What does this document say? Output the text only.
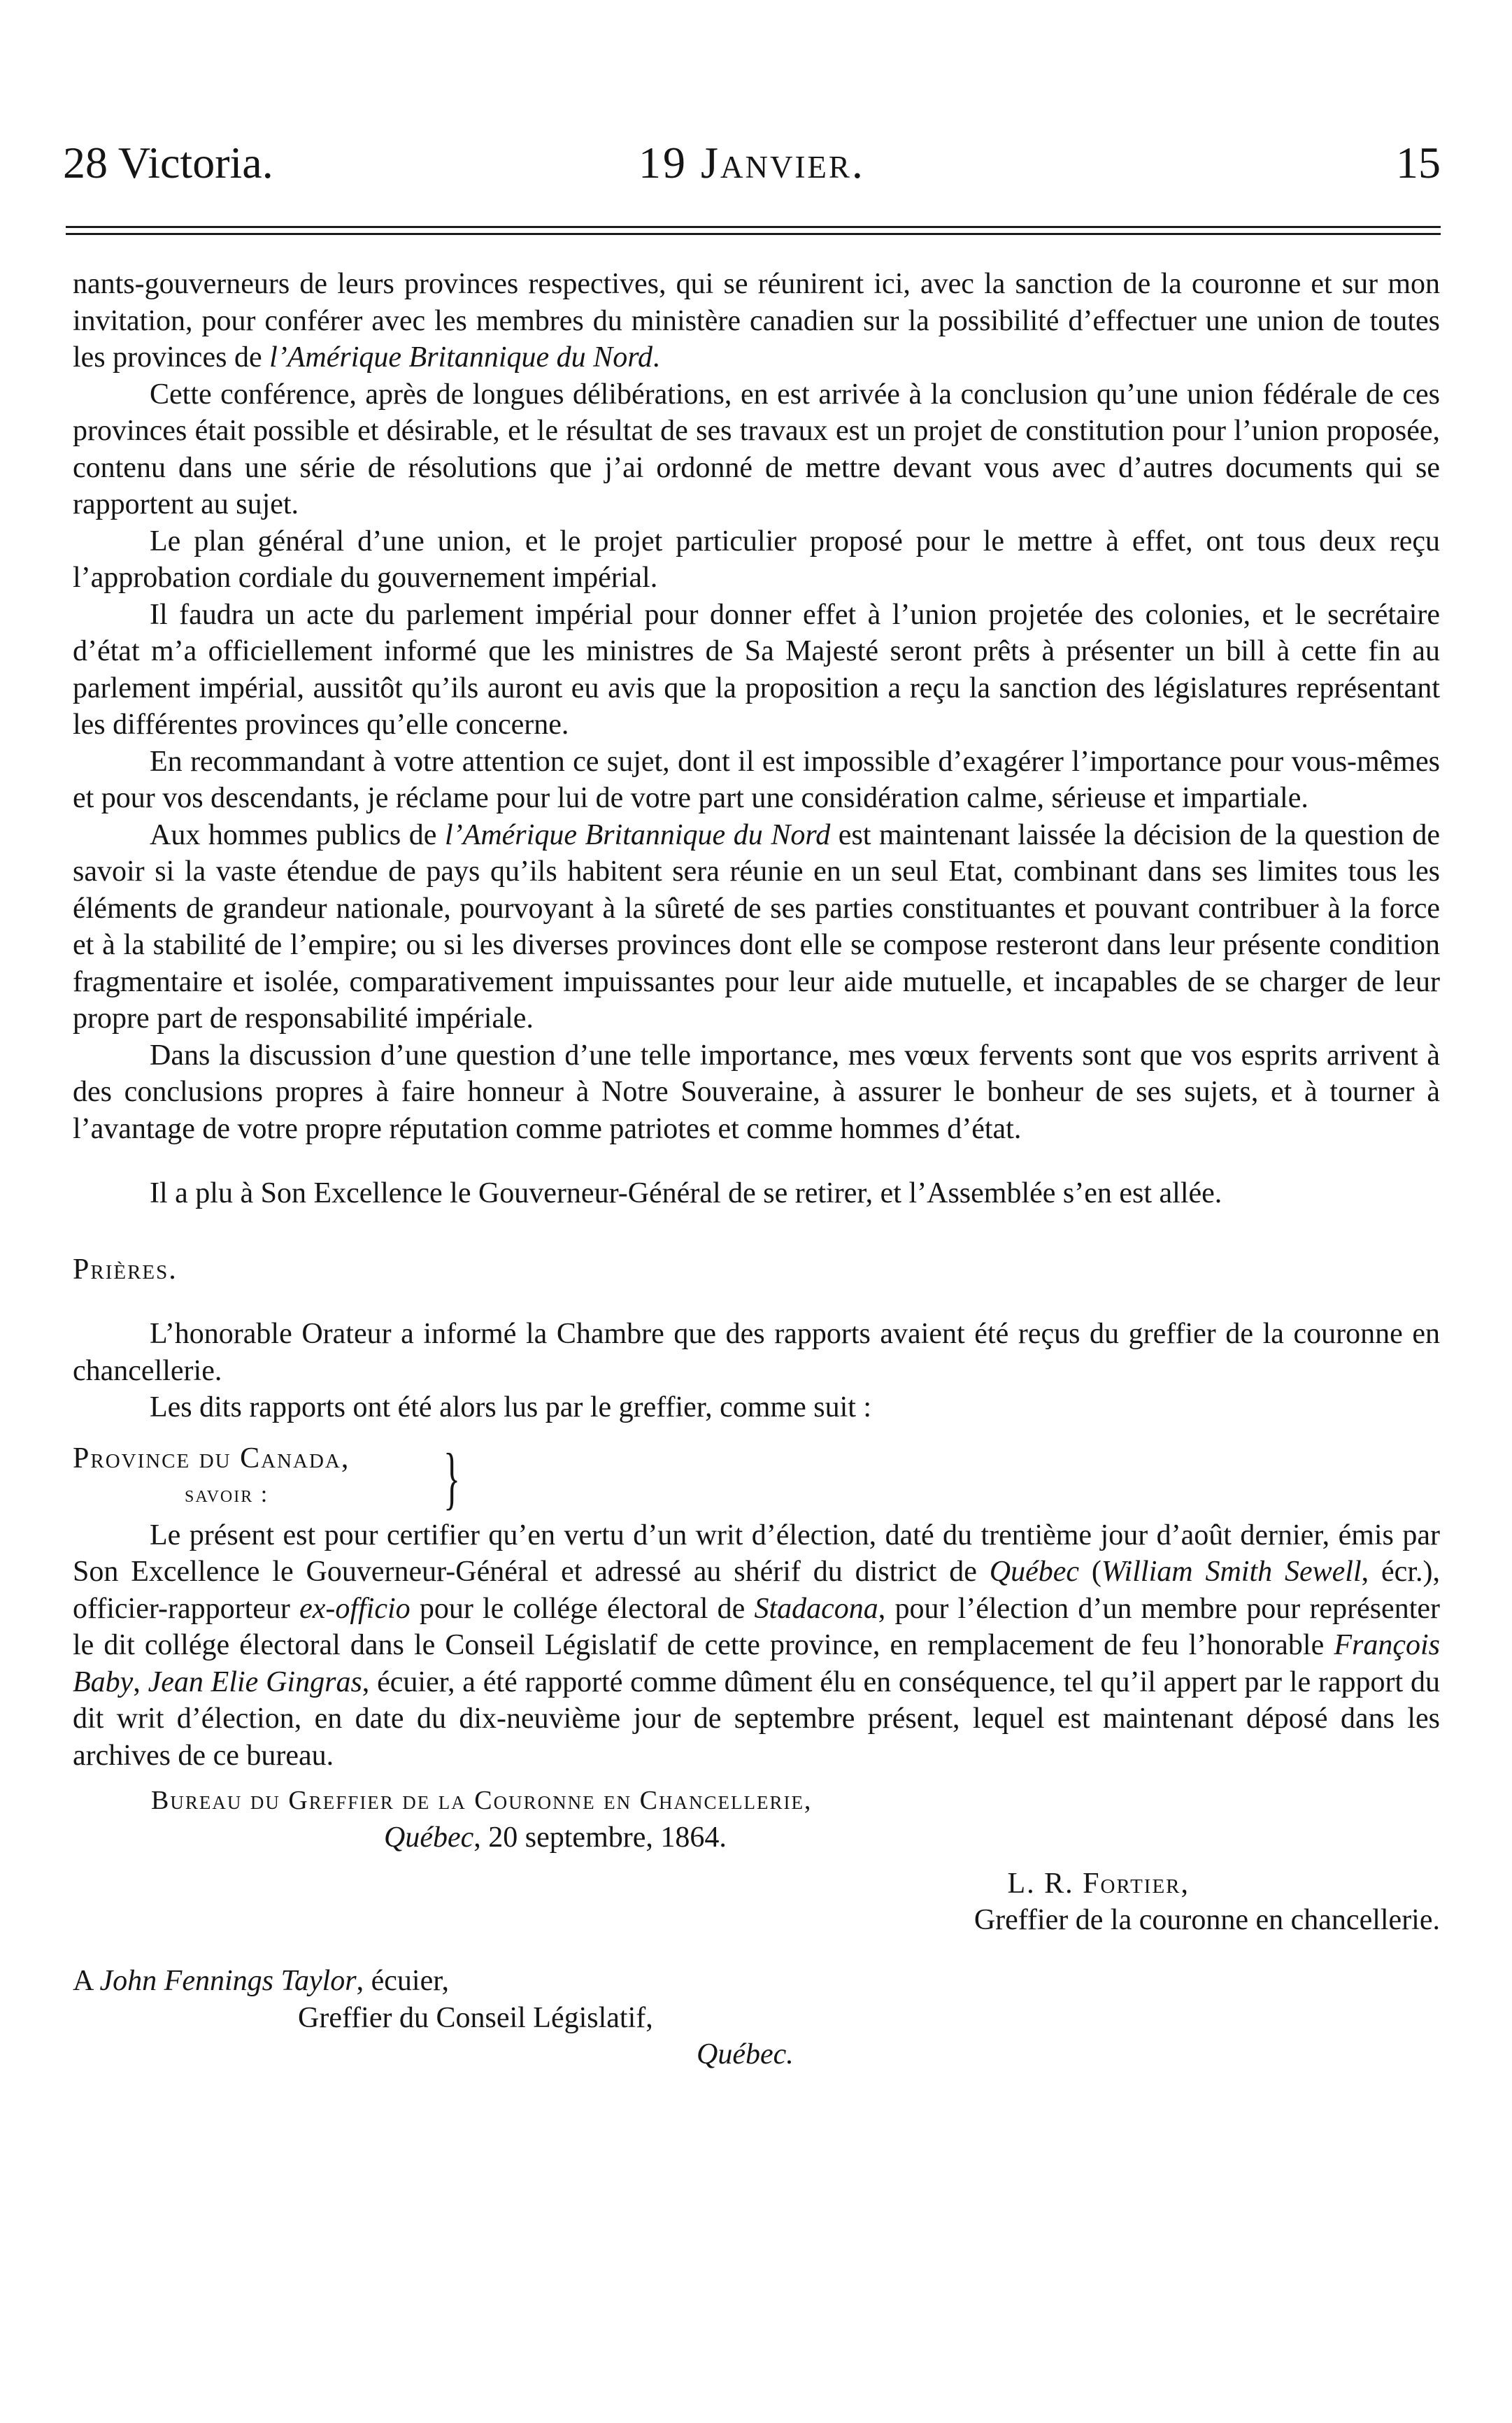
28 Victoria.	19 Janvier.	15

nants-gouverneurs de leurs provinces respectives, qui se réunirent ici, avec la sanction de la couronne et sur mon invitation, pour conférer avec les membres du ministère canadien sur la possibilité d’effectuer une union de toutes les provinces de l’Amérique Britannique du Nord.

Cette conférence, après de longues délibérations, en est arrivée à la conclusion qu’une union fédérale de ces provinces était possible et désirable, et le résultat de ses travaux est un projet de constitution pour l’union proposée, contenu dans une série de résolutions que j’ai ordonné de mettre devant vous avec d’autres documents qui se rapportent au sujet.

Le plan général d’une union, et le projet particulier proposé pour le mettre à effet, ont tous deux reçu l’approbation cordiale du gouvernement impérial.

Il faudra un acte du parlement impérial pour donner effet à l’union projetée des colonies, et le secrétaire d’état m’a officiellement informé que les ministres de Sa Majesté seront prêts à présenter un bill à cette fin au parlement impérial, aussitôt qu’ils auront eu avis que la proposition a reçu la sanction des législatures représentant les différentes provinces qu’elle concerne.

En recommandant à votre attention ce sujet, dont il est impossible d’exagérer l’importance pour vous-mêmes et pour vos descendants, je réclame pour lui de votre part une considération calme, sérieuse et impartiale.

Aux hommes publics de l’Amérique Britannique du Nord est maintenant laissée la décision de la question de savoir si la vaste étendue de pays qu’ils habitent sera réunie en un seul Etat, combinant dans ses limites tous les éléments de grandeur nationale, pourvoyant à la sûreté de ses parties constituantes et pouvant contribuer à la force et à la stabilité de l’empire; ou si les diverses provinces dont elle se compose resteront dans leur présente condition fragmentaire et isolée, comparativement impuissantes pour leur aide mutuelle, et incapables de se charger de leur propre part de responsabilité impériale.

Dans la discussion d’une question d’une telle importance, mes vœux fervents sont que vos esprits arrivent à des conclusions propres à faire honneur à Notre Souveraine, à assurer le bonheur de ses sujets, et à tourner à l’avantage de votre propre réputation comme patriotes et comme hommes d’état.

Il a plu à Son Excellence le Gouverneur-Général de se retirer, et l’Assemblée s’en est allée.

Prières.

L’honorable Orateur a informé la Chambre que des rapports avaient été reçus du greffier de la couronne en chancellerie.

Les dits rapports ont été alors lus par le greffier, comme suit :

Province du Canada,
savoir : }

Le présent est pour certifier qu’en vertu d’un writ d’élection, daté du trentième jour d’août dernier, émis par Son Excellence le Gouverneur-Général et adressé au shérif du district de Québec (William Smith Sewell, écr.), officier-rapporteur ex-officio pour le collége électoral de Stadacona, pour l’élection d’un membre pour représenter le dit collége électoral dans le Conseil Législatif de cette province, en remplacement de feu l’honorable François Baby, Jean Elie Gingras, écuier, a été rapporté comme dûment élu en conséquence, tel qu’il appert par le rapport du dit writ d’élection, en date du dix-neuvième jour de septembre présent, lequel est maintenant déposé dans les archives de ce bureau.

Bureau du Greffier de la Couronne en Chancellerie,
Québec, 20 septembre, 1864.
L. R. Fortier,
Greffier de la couronne en chancellerie.
A John Fennings Taylor, écuier,
Greffier du Conseil Législatif,
Québec.
